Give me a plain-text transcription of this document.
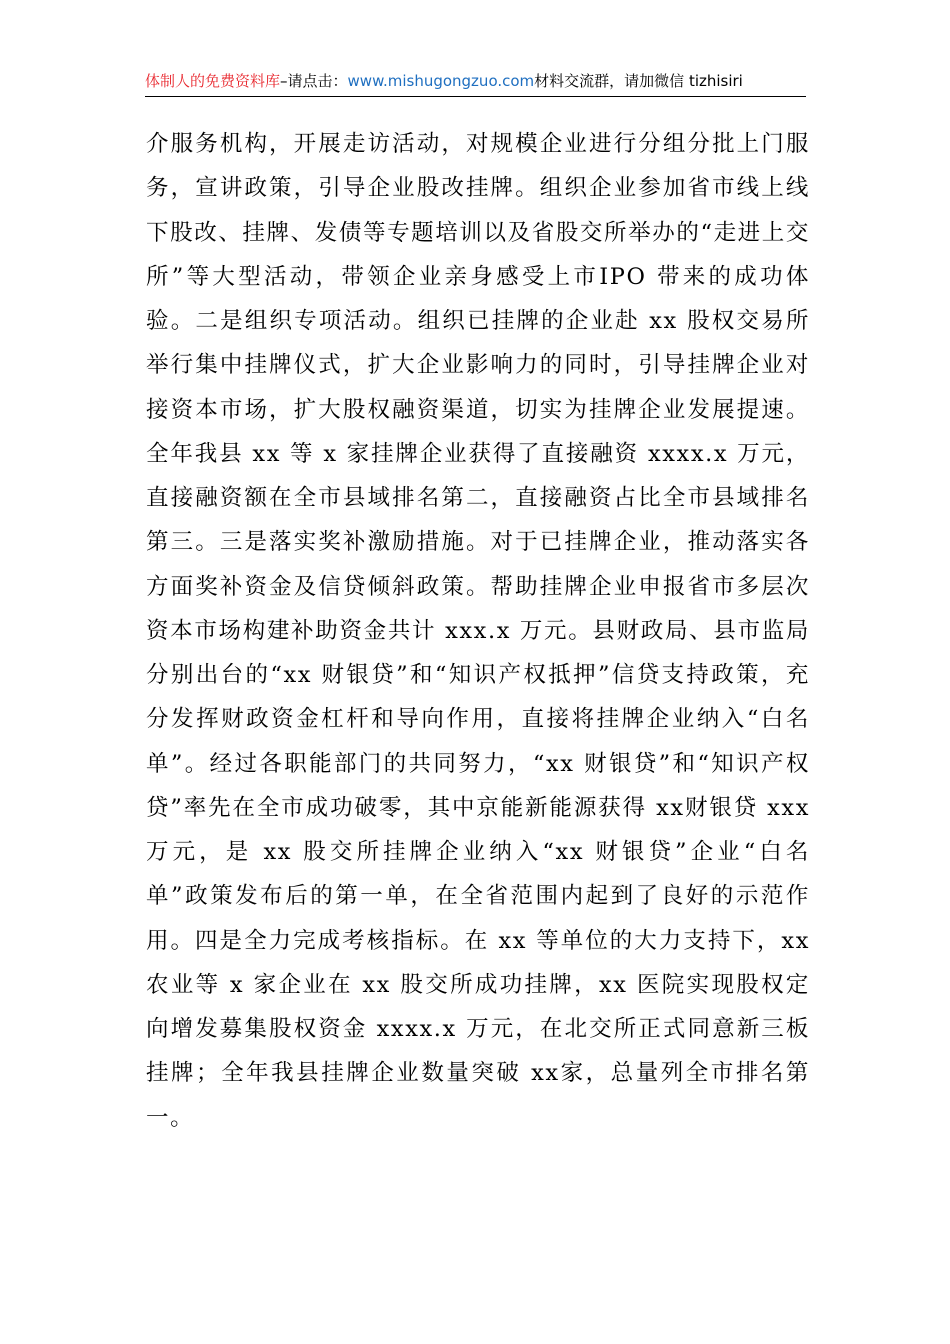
体制人的免费资料库 –请点击： www.mishugongzuo.com 材料交流群，请加微信 tizhisiri

介服务机构，开展走访活动，对规模企业进行分组分批上门服务，宣讲政策，引导企业股改挂牌。组织企业参加省市线上线下股改、挂牌、发债等专题培训以及省股交所举办的“走进上交所”等大型活动，带领企业亲身感受上市IPO 带来的成功体验。二是组织专项活动。组织已挂牌的企业赴 xx 股权交易所举行集中挂牌仪式，扩大企业影响力的同时，引导挂牌企业对接资本市场，扩大股权融资渠道，切实为挂牌企业发展提速。全年我县 xx 等 x 家挂牌企业获得了直接融资 xxxx.x 万元，直接融资额在全市县域排名第二，直接融资占比全市县域排名第三。三是落实奖补激励措施。对于已挂牌企业，推动落实各方面奖补资金及信贷倾斜政策。帮助挂牌企业申报省市多层次资本市场构建补助资金共计 xxx.x 万元。县财政局、县市监局分别出台的“xx 财银贷”和“知识产权抵押”信贷支持政策，充分发挥财政资金杠杆和导向作用，直接将挂牌企业纳入“白名单”。经过各职能部门的共同努力，“xx 财银贷”和“知识产权贷”率先在全市成功破零，其中京能新能源获得 xx财银贷 xxx 万元，是 xx 股交所挂牌企业纳入“xx 财银贷”企业“白名单”政策发布后的第一单，在全省范围内起到了良好的示范作用。四是全力完成考核指标。在 xx 等单位的大力支持下，xx 农业等 x 家企业在 xx 股交所成功挂牌，xx 医院实现股权定向增发募集股权资金 xxxx.x 万元，在北交所正式同意新三板挂牌；全年我县挂牌企业数量突破 xx家，总量列全市排名第一。
